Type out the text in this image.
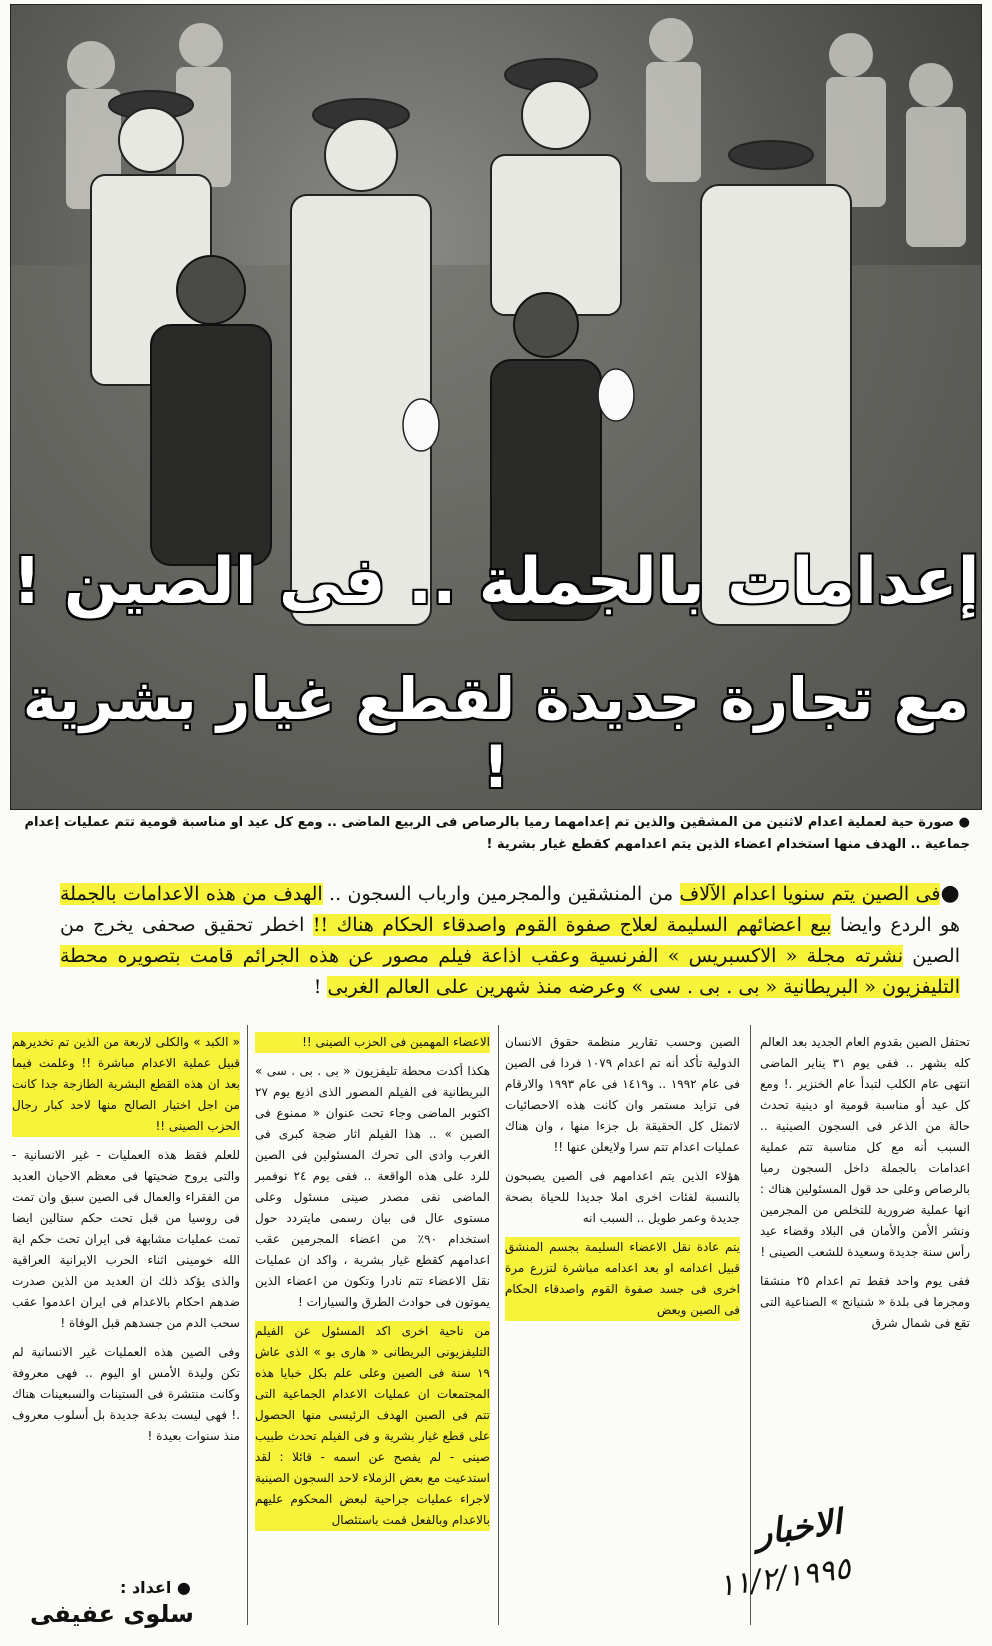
إعدامات بالجملة .. فى الصين !
مع تجارة جديدة لقطع غيار بشرية !
● صورة حية لعملية اعدام لاثنين من المشقين والذين تم إعدامهما رميا بالرصاص فى الربيع الماضى .. ومع كل عيد او مناسبة قومية تتم عمليات إعدام جماعية .. الهدف منها استخدام اعضاء الذين يتم اعدامهم كقطع غيار بشرية !
●فى الصين يتم سنويا اعدام الآلاف من المنشقين والمجرمين وارباب السجون .. الهدف من هذه الاعدامات بالجملة هو الردع وايضا بيع اعضائهم السليمة لعلاج صفوة القوم واصدقاء الحكام هناك !! اخطر تحقيق صحفى يخرج من الصين نشرته مجلة « الاكسبريس » الفرنسية وعقب اذاعة فيلم مصور عن هذه الجرائم قامت بتصويره محطة التليفزيون « البريطانية « بى . بى . سى » وعرضه منذ شهرين على العالم الغربى !

تحتفل الصين بقدوم العام الجديد بعد العالم كله بشهر .. ففى يوم ٣١ يناير الماضى انتهى عام الكلب لتبدأ عام الخنزير .! ومع كل عيد أو مناسبة قومية او دينية تحدث حالة من الذعر فى السجون الصينية .. السبب أنه مع كل مناسبة تتم عملية اعدامات بالجملة داخل السجون رميا بالرصاص وعلى حد قول المسئولين هناك : انها عملية ضرورية للتخلص من المجرمين ونشر الأمن والأمان فى البلاد وقضاء عيد رأس سنة جديدة وسعيدة للشعب الصينى !

ففى يوم واحد فقط تم اعدام ٢٥ منشقا ومجرما فى بلدة « شنيانج » الصناعية التى تقع فى شمال شرق

الصين وحسب تقارير منظمة حقوق الانسان الدولية تأكد أنه تم اعدام ١٠٧٩ فردا فى الصين فى عام ١٩٩٢ .. و١٤١٩ فى عام ١٩٩٣ والارقام فى تزايد مستمر وان كانت هذه الاحصائيات لاتمثل كل الحقيقة بل جزءا منها ، وان هناك عمليات اعدام تتم سرا ولايعلن عنها !!

هؤلاء الذين يتم اعدامهم فى الصين يصبحون بالنسبة لفئات اخرى املا جديدا للحياة بصحة جديدة وعمر طويل .. السبب انه

يتم عادة نقل الاعضاء السليمة بجسم المنشق قبيل اعدامه او بعد اعدامه مباشرة لتزرع مرة اخرى فى جسد صفوة القوم واصدقاء الحكام فى الصين وبعض

الاعضاء المهمين فى الحزب الصينى !!

هكذا أكدت محطة تليفزيون « بى . بى . سى » البريطانية فى الفيلم المصور الذى اذيع يوم ٢٧ اكتوبر الماضى وجاء تحت عنوان « ممنوع فى الصين » .. هذا الفيلم اثار ضجة كبرى فى الغرب وادى الى تحرك المسئولين فى الصين للرد على هذه الواقعة .. ففى يوم ٢٤ نوفمبر الماضى نفى مصدر صينى مسئول وعلى مستوى عال فى بيان رسمى مايتردد حول استخدام ٩٠٪ من اعضاء المجرمين عقب اعدامهم كقطع غيار بشرية ، واكد ان عمليات نقل الاعضاء تتم نادرا وتكون من اعضاء الذين يموتون فى حوادث الطرق والسيارات !

من ناحية اخرى اكد المسئول عن الفيلم التليفزيونى البريطانى « هارى بو » الذى عاش ١٩ سنة فى الصين وعلى علم بكل خبايا هذه المجتمعات ان عمليات الاعدام الجماعية التى تتم فى الصين الهدف الرئيسى منها الحصول على قطع غيار بشرية و فى الفيلم تحدث طبيب صينى - لم يفصح عن اسمه - قائلا : لقد استدعيت مع بعض الزملاء لاحد السجون الصينية لاجراء عمليات جراحية لبعض المحكوم عليهم بالاعدام وبالفعل قمت باستئصال

« الكبد » والكلى لاربعة من الذين تم تخديرهم قبيل عملية الاعدام مباشرة !! وعلمت فيما بعد ان هذه القطع البشرية الطازجة جدا كانت من اجل اختيار الصالح منها لاحد كبار رجال الحزب الصينى !!

للعلم فقط هذه العمليات - غير الانسانية - والتى يروح ضحيتها فى معظم الاحيان العديد من الفقراء والعمال فى الصين سبق وان تمت فى روسيا من قبل تحت حكم ستالين ايضا تمت عمليات مشابهة فى ايران تحت حكم اية الله خومينى اثناء الحرب الايرانية العراقية والذى يؤكد ذلك ان العديد من الذين صدرت ضدهم احكام بالاعدام فى ايران اعدموا عقب سحب الدم من جسدهم قبل الوفاة !

وفى الصين هذه العمليات غير الانسانية لم تكن وليدة الأمس او اليوم .. فهى معروفة وكانت منتشرة فى الستينات والسبعينات هناك .! فهى ليست بدعة جديدة بل أسلوب معروف منذ سنوات بعيدة !

الاخبار
١١/٢/١٩٩٥
● اعداد :
سلوى عفيفى
